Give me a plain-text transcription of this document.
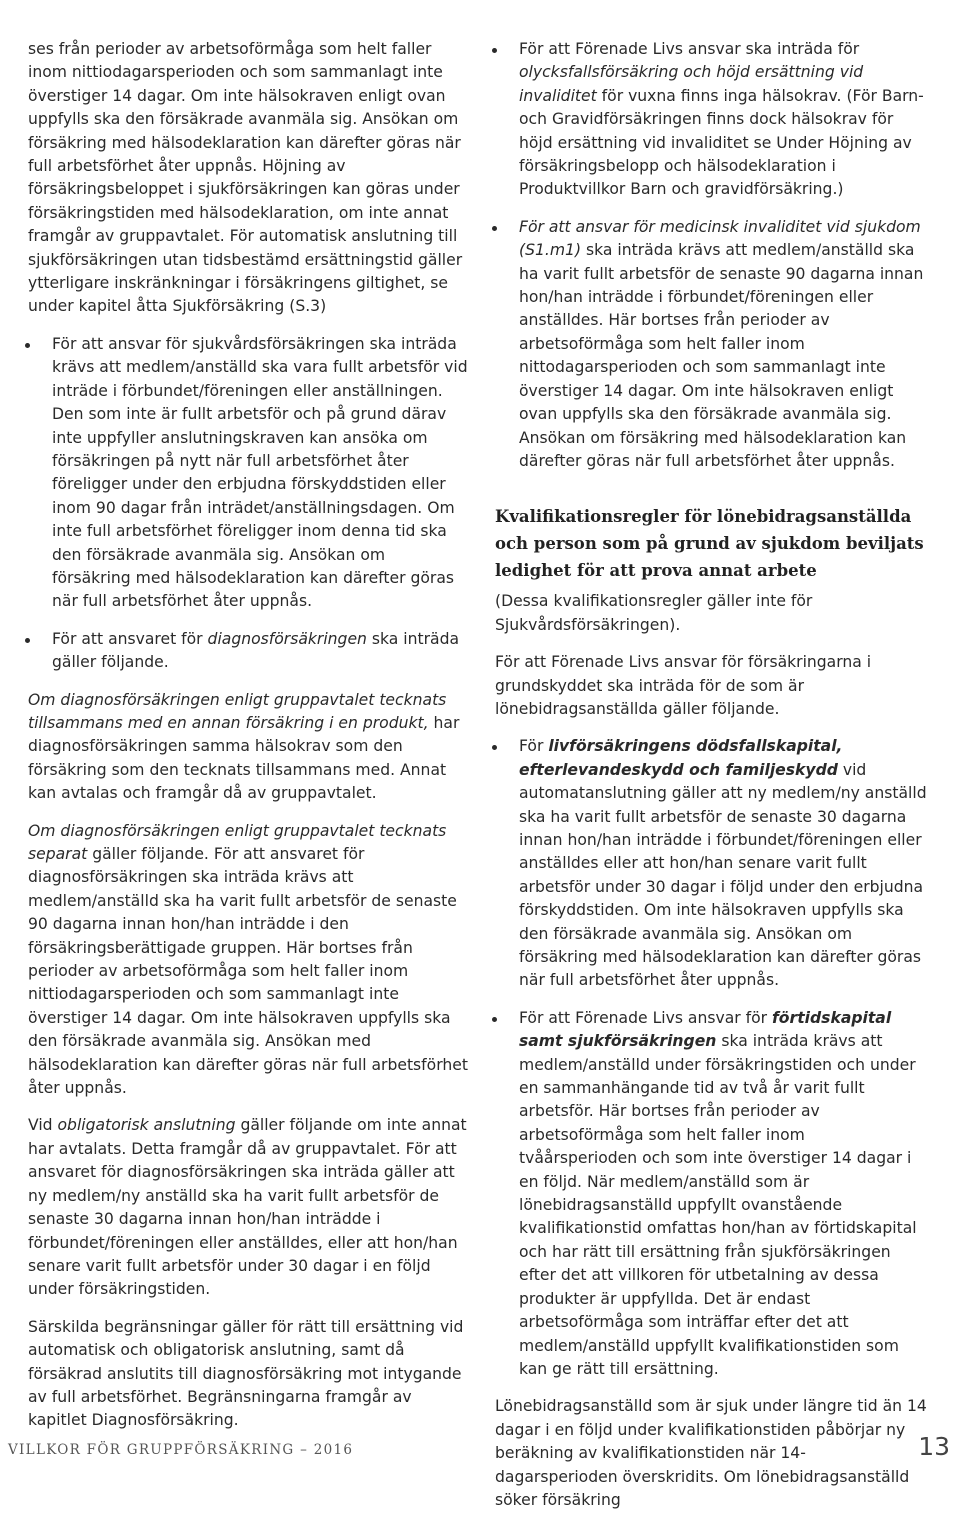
ses från perioder av arbetsoförmåga som helt faller inom nittiodagarsperioden och som sammanlagt inte överstiger 14 dagar. Om inte hälsokraven enligt ovan uppfylls ska den försäkrade avanmäla sig. Ansökan om försäkring med hälsodeklaration kan därefter göras när full arbetsförhet åter uppnås. Höjning av försäkringsbeloppet i sjukförsäkringen kan göras under försäkringstiden med hälsodeklaration, om inte annat framgår av gruppavtalet. För automatisk anslutning till sjukförsäkringen utan tidsbestämd ersättningstid gäller ytterligare inskränkningar i försäkringens giltighet, se under kapitel åtta Sjukförsäkring (S.3)

För att ansvar för sjukvårdsförsäkringen ska inträda krävs att medlem/anställd ska vara fullt arbetsför vid inträde i förbundet/föreningen eller anställningen. Den som inte är fullt arbetsför och på grund därav inte uppfyller anslutningskraven kan ansöka om försäkringen på nytt när full arbetsförhet åter föreligger under den erbjudna förskyddstiden eller inom 90 dagar från inträdet/anställningsdagen. Om inte full arbetsförhet föreligger inom denna tid ska den försäkrade avanmäla sig. Ansökan om försäkring med hälsodeklaration kan därefter göras när full arbetsförhet åter uppnås.
För att ansvaret för diagnosförsäkringen ska inträda gäller följande.

Om diagnosförsäkringen enligt gruppavtalet tecknats tillsammans med en annan försäkring i en produkt, har diagnosförsäkringen samma hälsokrav som den försäkring som den tecknats tillsammans med. Annat kan avtalas och framgår då av gruppavtalet.

Om diagnosförsäkringen enligt gruppavtalet tecknats separat gäller följande. För att ansvaret för diagnosförsäkringen ska inträda krävs att medlem/anställd ska ha varit fullt arbetsför de senaste 90 dagarna innan hon/han inträdde i den försäkringsberättigade gruppen. Här bortses från perioder av arbetsoförmåga som helt faller inom nittiodagarsperioden och som sammanlagt inte överstiger 14 dagar. Om inte hälsokraven uppfylls ska den försäkrade avanmäla sig. Ansökan med hälsodeklaration kan därefter göras när full arbetsförhet åter uppnås.

Vid obligatorisk anslutning gäller följande om inte annat har avtalats. Detta framgår då av gruppavtalet. För att ansvaret för diagnosförsäkringen ska inträda gäller att ny medlem/ny anställd ska ha varit fullt arbetsför de senaste 30 dagarna innan hon/han inträdde i förbundet/föreningen eller anställdes, eller att hon/han senare varit fullt arbetsför under 30 dagar i en följd under försäkringstiden.

Särskilda begränsningar gäller för rätt till ersättning vid automatisk och obligatorisk anslutning, samt då försäkrad anslutits till diagnosförsäkring mot intygande av full arbetsförhet. Begränsningarna framgår av kapitlet Diagnosförsäkring.

För att Förenade Livs ansvar ska inträda för olycksfallsförsäkring och höjd ersättning vid invaliditet för vuxna finns inga hälsokrav. (För Barn- och Gravidförsäkringen finns dock hälsokrav för höjd ersättning vid invaliditet se Under Höjning av försäkringsbelopp och hälsodeklaration i Produktvillkor Barn och gravidförsäkring.)
För att ansvar för medicinsk invaliditet vid sjukdom (S1.m1) ska inträda krävs att medlem/anställd ska ha varit fullt arbetsför de senaste 90 dagarna innan hon/han inträdde i förbundet/föreningen eller anställdes. Här bortses från perioder av arbetsoförmåga som helt faller inom nittodagarsperioden och som sammanlagt inte överstiger 14 dagar. Om inte hälsokraven enligt ovan uppfylls ska den försäkrade avanmäla sig. Ansökan om försäkring med hälsodeklaration kan därefter göras när full arbetsförhet åter uppnås.
Kvalifikationsregler för lönebidragsanställda och person som på grund av sjukdom beviljats ledighet för att prova annat arbete

(Dessa kvalifikationsregler gäller inte för Sjukvårdsförsäkringen).

För att Förenade Livs ansvar för försäkringarna i grundskyddet ska inträda för de som är lönebidragsanställda gäller följande.

För livförsäkringens dödsfallskapital, efterlevandeskydd och familjeskydd vid automatanslutning gäller att ny medlem/ny anställd ska ha varit fullt arbetsför de senaste 30 dagarna innan hon/han inträdde i förbundet/föreningen eller anställdes eller att hon/han senare varit fullt arbetsför under 30 dagar i följd under den erbjudna förskyddstiden. Om inte hälsokraven uppfylls ska den försäkrade avanmäla sig. Ansökan om försäkring med hälsodeklaration kan därefter göras när full arbetsförhet åter uppnås.
För att Förenade Livs ansvar för förtidskapital samt sjukförsäkringen ska inträda krävs att medlem/anställd under försäkringstiden och under en sammanhängande tid av två år varit fullt arbetsför. Här bortses från perioder av arbetsoförmåga som helt faller inom tvåårsperioden och som inte överstiger 14 dagar i en följd. När medlem/anställd som är lönebidragsanställd uppfyllt ovanstående kvalifikationstid omfattas hon/han av förtidskapital och har rätt till ersättning från sjukförsäkringen efter det att villkoren för utbetalning av dessa produkter är uppfyllda. Det är endast arbetsoförmåga som inträffar efter det att medlem/anställd uppfyllt kvalifikationstiden som kan ge rätt till ersättning.

Lönebidragsanställd som är sjuk under längre tid än 14 dagar i en följd under kvalifikationstiden påbörjar ny beräkning av kvalifikationstiden när 14-dagarsperioden överskridits. Om lönebidragsanställd söker försäkring

VILLKOR FÖR GRUPPFÖRSÄKRING – 2016	13
